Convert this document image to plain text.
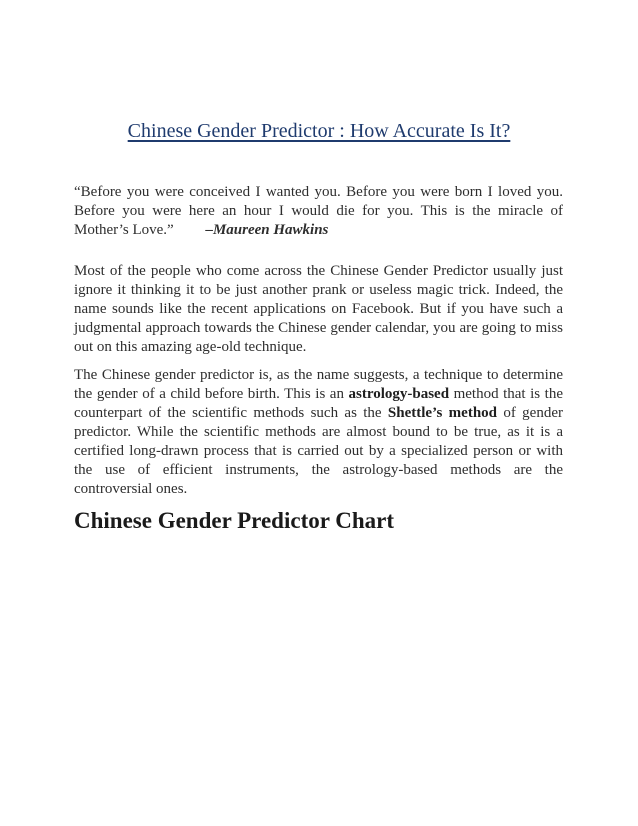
Chinese Gender Predictor : How Accurate Is It?

“Before you were conceived I wanted you. Before you were born I loved you. Before you were here an hour I would die for you. This is the miracle of Mother’s Love.” –Maureen Hawkins

Most of the people who come across the Chinese Gender Predictor usually just ignore it thinking it to be just another prank or useless magic trick. Indeed, the name sounds like the recent applications on Facebook. But if you have such a judgmental approach towards the Chinese gender calendar, you are going to miss out on this amazing age-old technique.

The Chinese gender predictor is, as the name suggests, a technique to determine the gender of a child before birth. This is an astrology-based method that is the counterpart of the scientific methods such as the Shettle’s method of gender predictor. While the scientific methods are almost bound to be true, as it is a certified long-drawn process that is carried out by a specialized person or with the use of efficient instruments, the astrology-based methods are the controversial ones.

Chinese Gender Predictor Chart
